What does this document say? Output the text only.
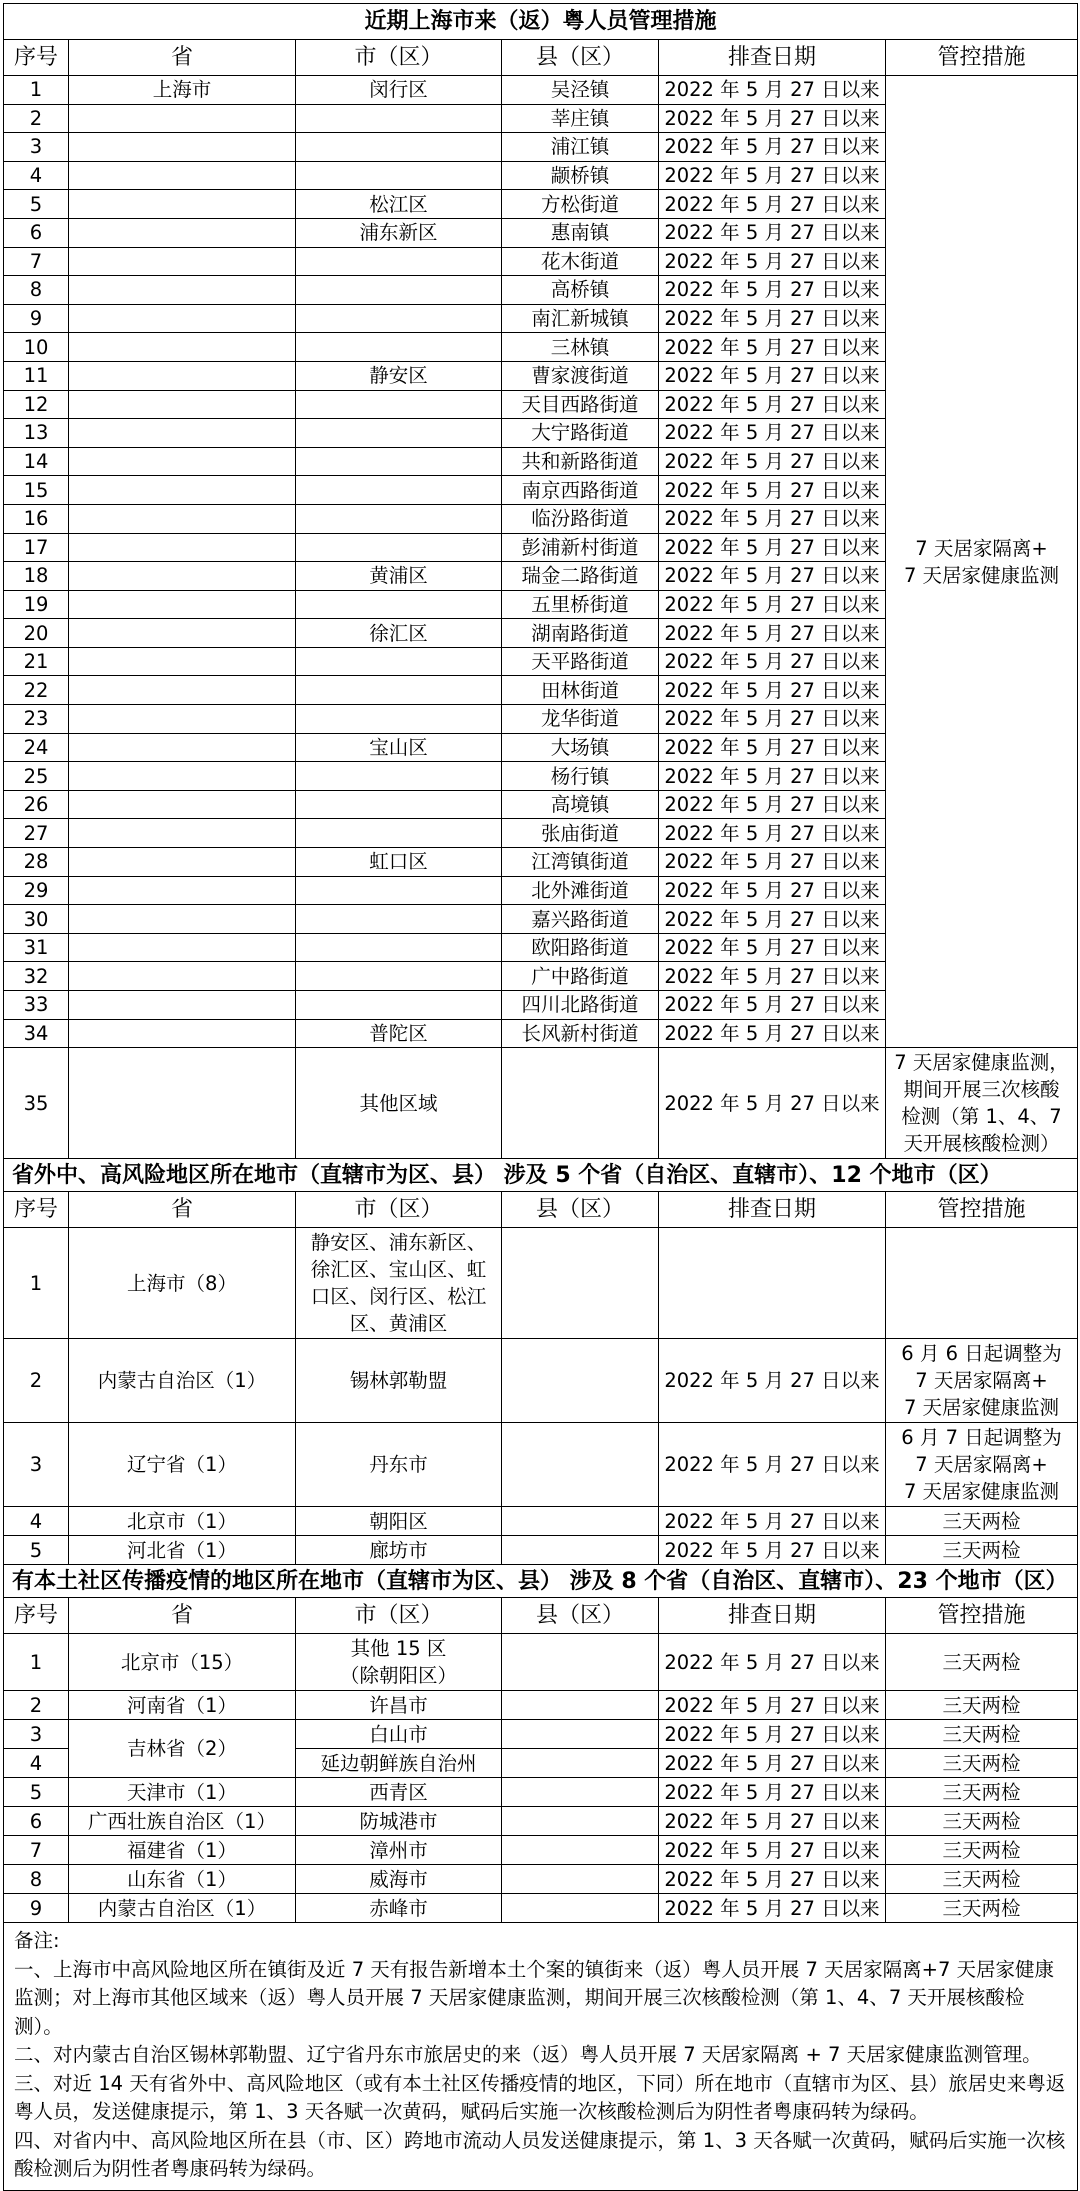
近期上海市来（返）粤人员管理措施					
序号	省	市（区）	县（区）	排查日期	管控措施
1	上海市	闵行区	吴泾镇	2022 年 5 月 27 日以来	7 天居家隔离+
7 天居家健康监测
2			莘庄镇	2022 年 5 月 27 日以来	
3			浦江镇	2022 年 5 月 27 日以来	
4			颛桥镇	2022 年 5 月 27 日以来	
5		松江区	方松街道	2022 年 5 月 27 日以来	
6		浦东新区	惠南镇	2022 年 5 月 27 日以来	
7			花木街道	2022 年 5 月 27 日以来	
8			高桥镇	2022 年 5 月 27 日以来	
9			南汇新城镇	2022 年 5 月 27 日以来	
10			三林镇	2022 年 5 月 27 日以来	
11		静安区	曹家渡街道	2022 年 5 月 27 日以来	
12			天目西路街道	2022 年 5 月 27 日以来	
13			大宁路街道	2022 年 5 月 27 日以来	
14			共和新路街道	2022 年 5 月 27 日以来	
15			南京西路街道	2022 年 5 月 27 日以来	
16			临汾路街道	2022 年 5 月 27 日以来	
17			彭浦新村街道	2022 年 5 月 27 日以来	
18		黄浦区	瑞金二路街道	2022 年 5 月 27 日以来	
19			五里桥街道	2022 年 5 月 27 日以来	
20		徐汇区	湖南路街道	2022 年 5 月 27 日以来	
21			天平路街道	2022 年 5 月 27 日以来	
22			田林街道	2022 年 5 月 27 日以来	
23			龙华街道	2022 年 5 月 27 日以来	
24		宝山区	大场镇	2022 年 5 月 27 日以来	
25			杨行镇	2022 年 5 月 27 日以来	
26			高境镇	2022 年 5 月 27 日以来	
27			张庙街道	2022 年 5 月 27 日以来	
28		虹口区	江湾镇街道	2022 年 5 月 27 日以来	
29			北外滩街道	2022 年 5 月 27 日以来	
30			嘉兴路街道	2022 年 5 月 27 日以来	
31			欧阳路街道	2022 年 5 月 27 日以来	
32			广中路街道	2022 年 5 月 27 日以来	
33			四川北路街道	2022 年 5 月 27 日以来	
34		普陀区	长风新村街道	2022 年 5 月 27 日以来	
35		其他区域		2022 年 5 月 27 日以来	7 天居家健康监测，
期间开展三次核酸
检测（第 1、4、7
天开展核酸检测）
省外中、高风险地区所在地市（直辖市为区、县） 涉及 5 个省（自治区、直辖市）、12 个地市（区）					
序号	省	市（区）	县（区）	排查日期	管控措施
1	上海市（8）	静安区、浦东新区、
徐汇区、宝山区、虹
口区、闵行区、松江
区、黄浦区			
2	内蒙古自治区（1）	锡林郭勒盟		2022 年 5 月 27 日以来	6 月 6 日起调整为
7 天居家隔离+
7 天居家健康监测
3	辽宁省（1）	丹东市		2022 年 5 月 27 日以来	6 月 7 日起调整为
7 天居家隔离+
7 天居家健康监测
4	北京市（1）	朝阳区		2022 年 5 月 27 日以来	三天两检
5	河北省（1）	廊坊市		2022 年 5 月 27 日以来	三天两检
有本土社区传播疫情的地区所在地市（直辖市为区、县） 涉及 8 个省（自治区、直辖市）、23 个地市（区）					
序号	省	市（区）	县（区）	排查日期	管控措施
1	北京市（15）	其他 15 区
（除朝阳区）		2022 年 5 月 27 日以来	三天两检
2	河南省（1）	许昌市		2022 年 5 月 27 日以来	三天两检
3	吉林省（2）	白山市		2022 年 5 月 27 日以来	三天两检
4		延边朝鲜族自治州		2022 年 5 月 27 日以来	三天两检
5	天津市（1）	西青区		2022 年 5 月 27 日以来	三天两检
6	广西壮族自治区（1）	防城港市		2022 年 5 月 27 日以来	三天两检
7	福建省（1）	漳州市		2022 年 5 月 27 日以来	三天两检
8	山东省（1）	威海市		2022 年 5 月 27 日以来	三天两检
9	内蒙古自治区（1）	赤峰市		2022 年 5 月 27 日以来	三天两检

备注:
一、上海市中高风险地区所在镇街及近 7 天有报告新增本土个案的镇街来（返）粤人员开展 7 天居家隔离+7 天居家健康监测；对上海市其他区域来（返）粤人员开展 7 天居家健康监测，期间开展三次核酸检测（第 1、4、7 天开展核酸检测）。
二、对内蒙古自治区锡林郭勒盟、辽宁省丹东市旅居史的来（返）粤人员开展 7 天居家隔离 + 7 天居家健康监测管理。
三、对近 14 天有省外中、高风险地区（或有本土社区传播疫情的地区，下同）所在地市（直辖市为区、县）旅居史来粤返粤人员，发送健康提示，第 1、3 天各赋一次黄码，赋码后实施一次核酸检测后为阴性者粤康码转为绿码。
四、对省内中、高风险地区所在县（市、区）跨地市流动人员发送健康提示，第 1、3 天各赋一次黄码，赋码后实施一次核酸检测后为阴性者粤康码转为绿码。					
